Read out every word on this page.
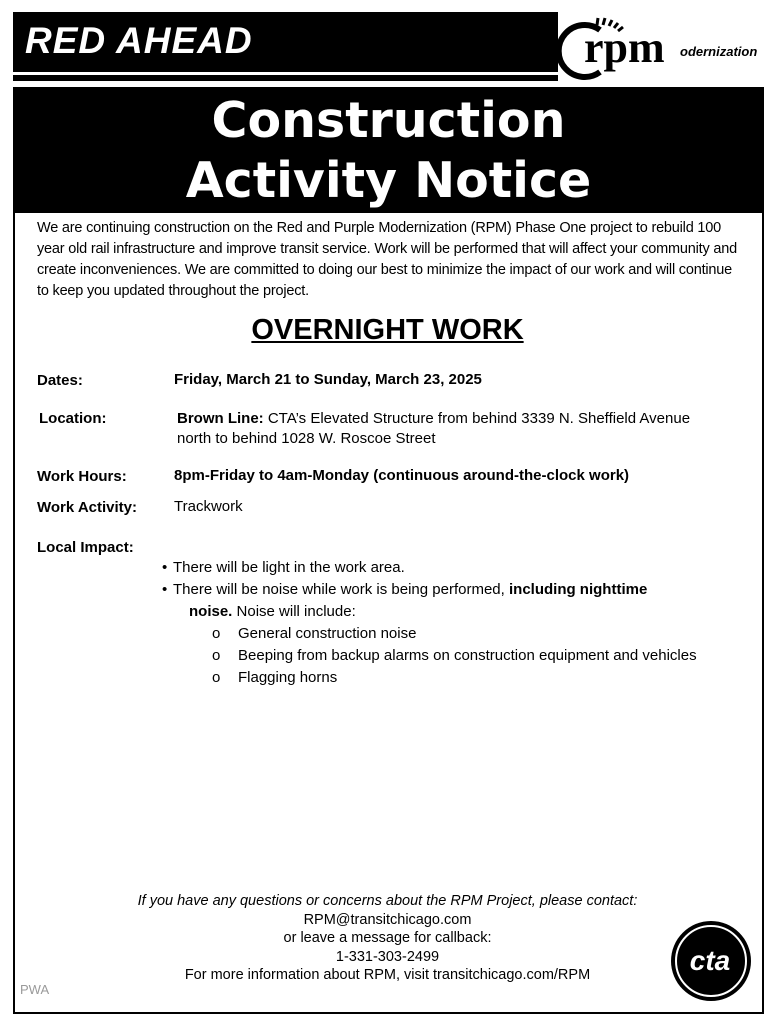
RED AHEAD	rpm odernization
Construction
Activity Notice

We are continuing construction on the Red and Purple Modernization (RPM) Phase One project to rebuild 100 year old rail infrastructure and improve transit service. Work will be performed that will affect your community and create inconveniences. We are committed to doing our best to minimize the impact of our work and will continue to keep you updated throughout the project.

OVERNIGHT WORK
Dates:	Friday, March 21 to Sunday, March 23, 2025
Location:	Brown Line: CTA’s Elevated Structure from behind 3339 N. Sheffield Avenue
north to behind 1028 W. Roscoe Street
Work Hours:	8pm-Friday to 4am-Monday (continuous around-the-clock work)
Work Activity: Trackwork
Local Impact:
• There will be light in the work area.
• There will be noise while work is being performed, including nighttime
noise. Noise will include:
o	General construction noise
o	Beeping from backup alarms on construction equipment and vehicles
o	Flagging horns
If you have any questions or concerns about the RPM Project, please contact:
RPM@transitchicago.com
or leave a message for callback:
1-331-303-2499
For more information about RPM, visit transitchicago.com/RPM	cta
PWA
